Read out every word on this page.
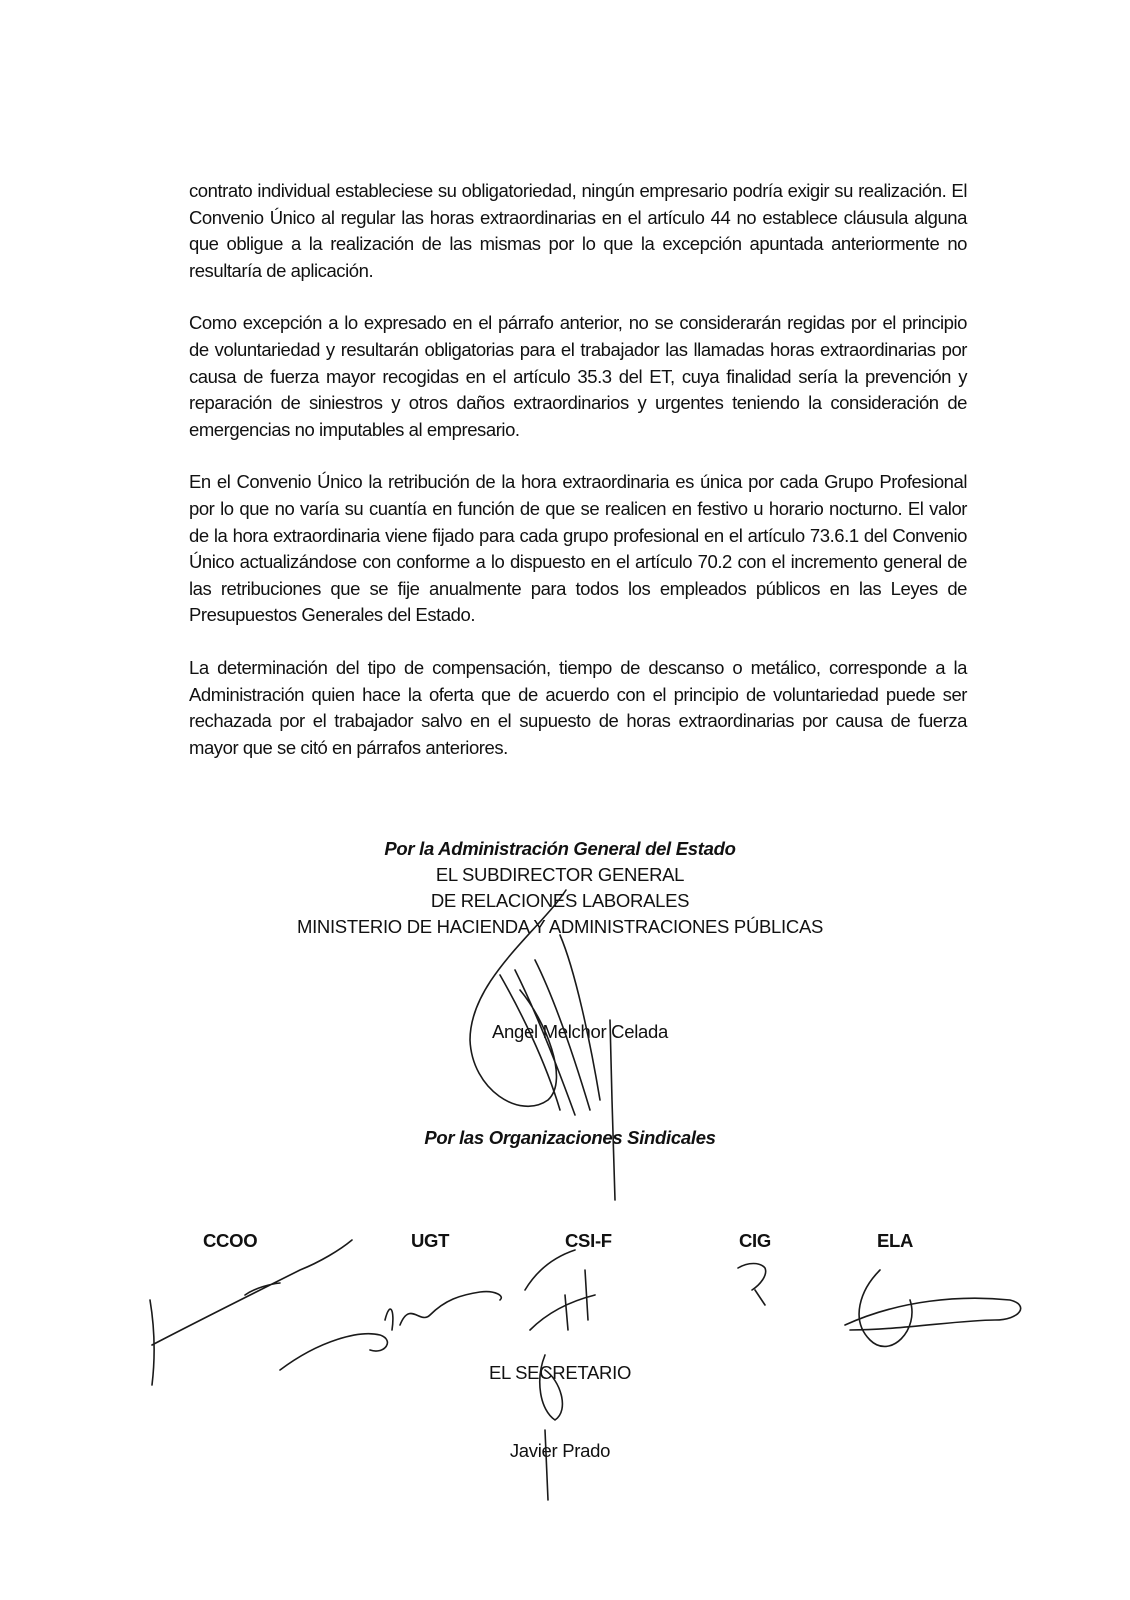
contrato individual estableciese su obligatoriedad, ningún empresario podría exigir su realización. El Convenio Único al regular las horas extraordinarias en el artículo 44 no establece cláusula alguna que obligue a la realización de las mismas por lo que la excepción apuntada anteriormente no resultaría de aplicación.

Como excepción a lo expresado en el párrafo anterior, no se considerarán regidas por el principio de voluntariedad y resultarán obligatorias para el trabajador las llamadas horas extraordinarias por causa de fuerza mayor recogidas en el artículo 35.3 del ET, cuya finalidad sería la prevención y reparación de siniestros y otros daños extraordinarios y urgentes teniendo la consideración de emergencias no imputables al empresario.

En el Convenio Único la retribución de la hora extraordinaria es única por cada Grupo Profesional por lo que no varía su cuantía en función de que se realicen en festivo u horario nocturno. El valor de la hora extraordinaria viene fijado para cada grupo profesional en el artículo 73.6.1 del Convenio Único actualizándose con conforme a lo dispuesto en el artículo 70.2 con el incremento general de las retribuciones que se fije anualmente para todos los empleados públicos en las Leyes de Presupuestos Generales del Estado.

La determinación del tipo de compensación, tiempo de descanso o metálico, corresponde a la Administración quien hace la oferta que de acuerdo con el principio de voluntariedad puede ser rechazada por el trabajador salvo en el supuesto de horas extraordinarias por causa de fuerza mayor que se citó en párrafos anteriores.

Por la Administración General del Estado
EL SUBDIRECTOR GENERAL
DE RELACIONES LABORALES
MINISTERIO DE HACIENDA Y ADMINISTRACIONES PÚBLICAS
Angel Melchor Celada
Por las Organizaciones Sindicales
CCOO	UGT	CSI-F	CIG	ELA
EL SECRETARIO
Javier Prado
